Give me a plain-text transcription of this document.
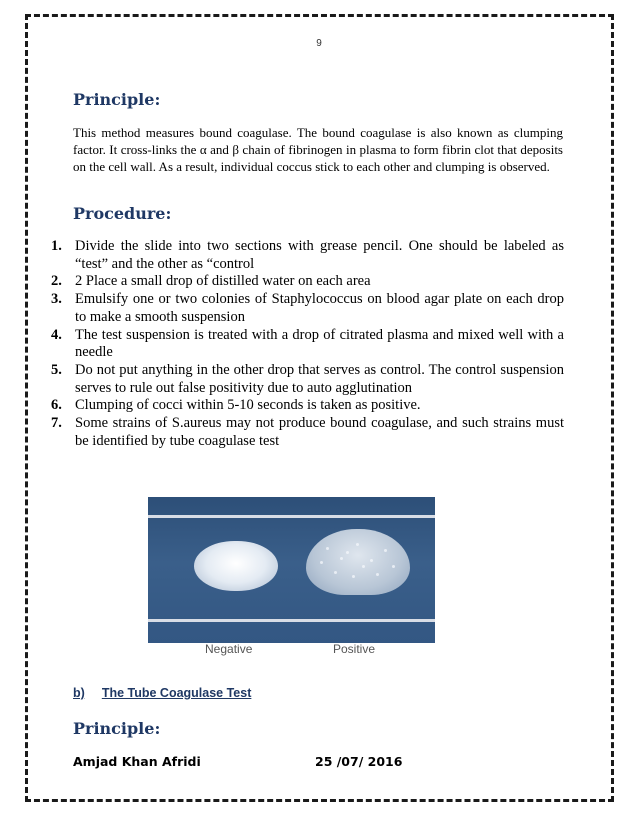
9
Principle:
This method measures bound coagulase. The bound coagulase is also known as clumping factor. It cross-links the α and β chain of fibrinogen in plasma to form fibrin clot that deposits on the cell wall. As a result, individual coccus stick to each other and clumping is observed.
Procedure:
1. Divide the slide into two sections with grease pencil. One should be labeled as “test” and the other as “control
2. 2 Place a small drop of distilled water on each area
3. Emulsify one or two colonies of Staphylococcus on blood agar plate on each drop to make a smooth suspension
4. The test suspension is treated with a drop of citrated plasma and mixed well with a needle
5. Do not put anything in the other drop that serves as control. The control suspension serves to rule out false positivity due to auto agglutination
6. Clumping of cocci within 5-10 seconds is taken as positive.
7. Some strains of S.aureus may not produce bound coagulase, and such strains must be identified by tube coagulase test
Negative	Positive
b) The Tube Coagulase Test
Principle:
Amjad Khan Afridi	25 /07/ 2016
